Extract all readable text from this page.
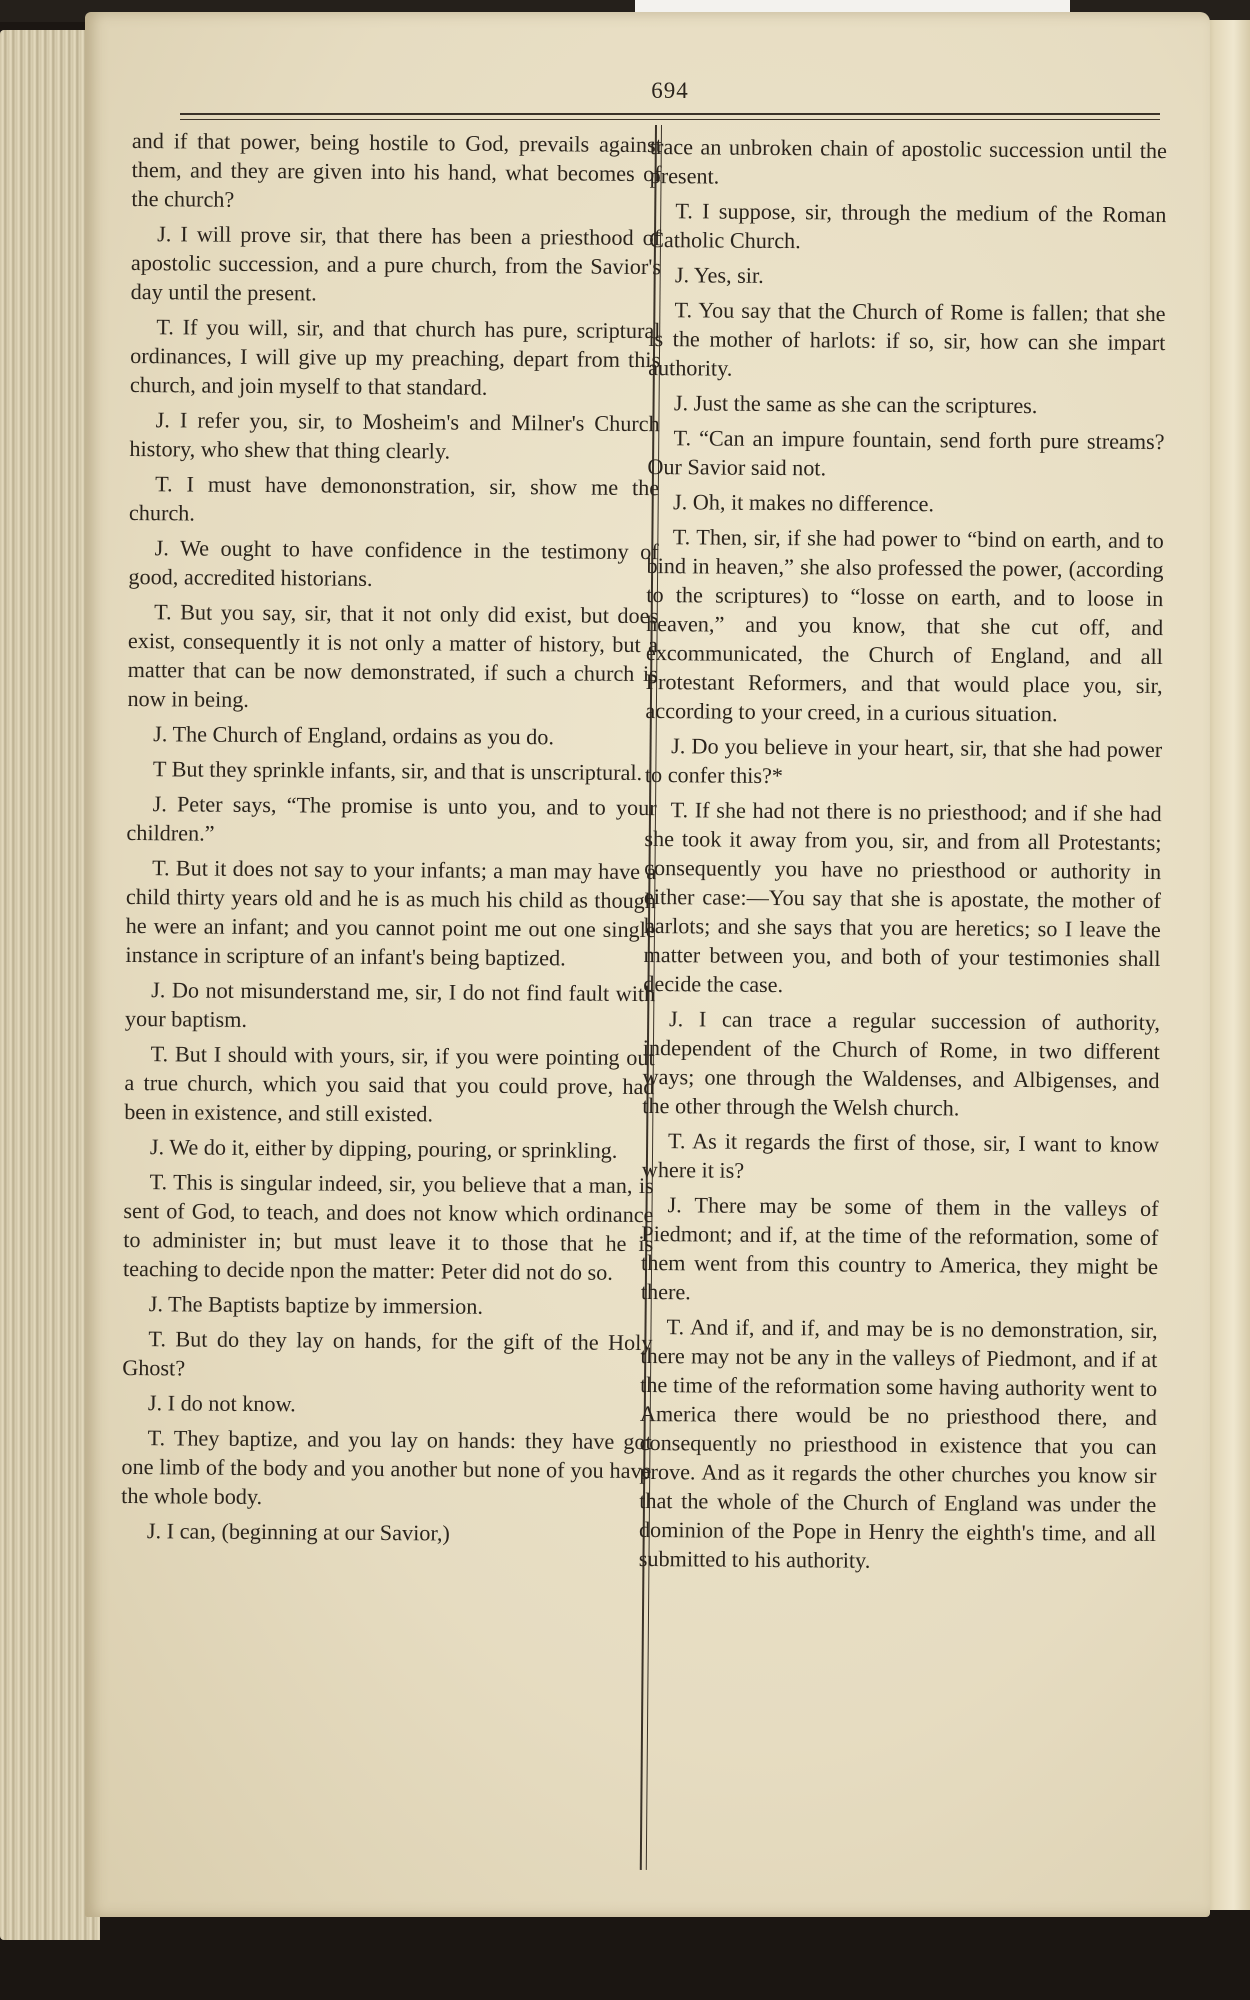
694

and if that power, being hostile to God, prevails against them, and they are given into his hand, what becomes of the church?

J. I will prove sir, that there has been a priesthood of apostolic succession, and a pure church, from the Savior's day until the present.

T. If you will, sir, and that church has pure, scriptural ordinances, I will give up my preaching, depart from this church, and join myself to that standard.

J. I refer you, sir, to Mosheim's and Milner's Church history, who shew that thing clearly.

T. I must have demononstration, sir, show me the church.

J. We ought to have confidence in the testimony of good, accredited historians.

T. But you say, sir, that it not only did exist, but does exist, consequently it is not only a matter of history, but a matter that can be now demonstrated, if such a church is now in being.

J. The Church of England, ordains as you do.

T But they sprinkle infants, sir, and that is unscriptural.

J. Peter says, “The promise is unto you, and to your children.”

T. But it does not say to your infants; a man may have a child thirty years old and he is as much his child as though he were an infant; and you cannot point me out one single instance in scripture of an infant's being baptized.

J. Do not misunderstand me, sir, I do not find fault with your baptism.

T. But I should with yours, sir, if you were pointing out a true church, which you said that you could prove, had been in existence, and still existed.

J. We do it, either by dipping, pouring, or sprinkling.

T. This is singular indeed, sir, you believe that a man, is sent of God, to teach, and does not know which ordinance to administer in; but must leave it to those that he is teaching to decide npon the matter: Peter did not do so.

J. The Baptists baptize by immersion.

T. But do they lay on hands, for the gift of the Holy Ghost?

J. I do not know.

T. They baptize, and you lay on hands: they have got one limb of the body and you another but none of you have the whole body.

J. I can, (beginning at our Savior,)

trace an unbroken chain of apostolic succession until the present.

T. I suppose, sir, through the medium of the Roman Catholic Church.

J. Yes, sir.

T. You say that the Church of Rome is fallen; that she is the mother of harlots: if so, sir, how can she impart authority.

J. Just the same as she can the scriptures.

T. “Can an impure fountain, send forth pure streams? Our Savior said not.

J. Oh, it makes no difference.

T. Then, sir, if she had power to “bind on earth, and to bind in heaven,” she also professed the power, (according to the scriptures) to “losse on earth, and to loose in heaven,” and you know, that she cut off, and excommunicated, the Church of England, and all Protestant Reformers, and that would place you, sir, according to your creed, in a curious situation.

J. Do you believe in your heart, sir, that she had power to confer this?*

T. If she had not there is no priesthood; and if she had she took it away from you, sir, and from all Protestants; consequently you have no priesthood or authority in either case:—You say that she is apostate, the mother of harlots; and she says that you are heretics; so I leave the matter between you, and both of your testimonies shall decide the case.

J. I can trace a regular succession of authority, independent of the Church of Rome, in two different ways; one through the Waldenses, and Albigenses, and the other through the Welsh church.

T. As it regards the first of those, sir, I want to know where it is?

J. There may be some of them in the valleys of Piedmont; and if, at the time of the reformation, some of them went from this country to America, they might be there.

T. And if, and if, and may be is no demonstration, sir, there may not be any in the valleys of Piedmont, and if at the time of the reformation some having authority went to America there would be no priesthood there, and consequently no priesthood in existence that you can prove. And as it regards the other churches you know sir that the whole of the Church of England was under the dominion of the Pope in Henry the eighth's time, and all submitted to his authority.
